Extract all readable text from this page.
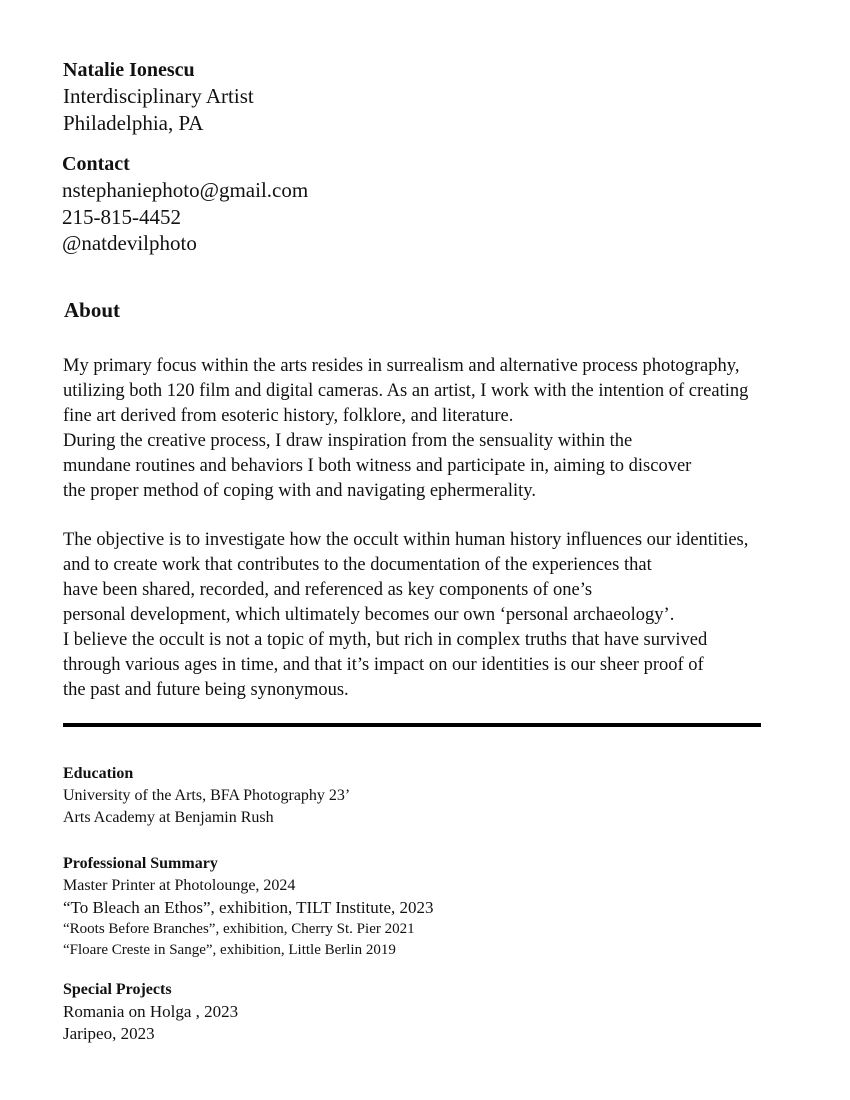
Natalie Ionescu
Interdisciplinary Artist
Philadelphia, PA
Contact
nstephaniephoto@gmail.com
215-815-4452
@natdevilphoto
About
My primary focus within the arts resides in surrealism and alternative process photography,
utilizing both 120 film and digital cameras. As an artist, I work with the intention of creating
fine art derived from esoteric history, folklore, and literature.
During the creative process, I draw inspiration from the sensuality within the
mundane routines and behaviors I both witness and participate in, aiming to discover
the proper method of coping with and navigating ephermerality.
The objective is to investigate how the occult within human history influences our identities,
and to create work that contributes to the documentation of the experiences that
have been shared, recorded, and referenced as key components of one’s
personal development, which ultimately becomes our own ‘personal archaeology’.
I believe the occult is not a topic of myth, but rich in complex truths that have survived
through various ages in time, and that it’s impact on our identities is our sheer proof of
the past and future being synonymous.
Education
University of the Arts, BFA Photography 23’
Arts Academy at Benjamin Rush
Professional Summary
Master Printer at Photolounge, 2024
“To Bleach an Ethos”, exhibition, TILT Institute, 2023
“Roots Before Branches”, exhibition, Cherry St. Pier 2021
“Floare Creste in Sange”, exhibition, Little Berlin 2019
Special Projects
Romania on Holga , 2023
Jaripeo, 2023
